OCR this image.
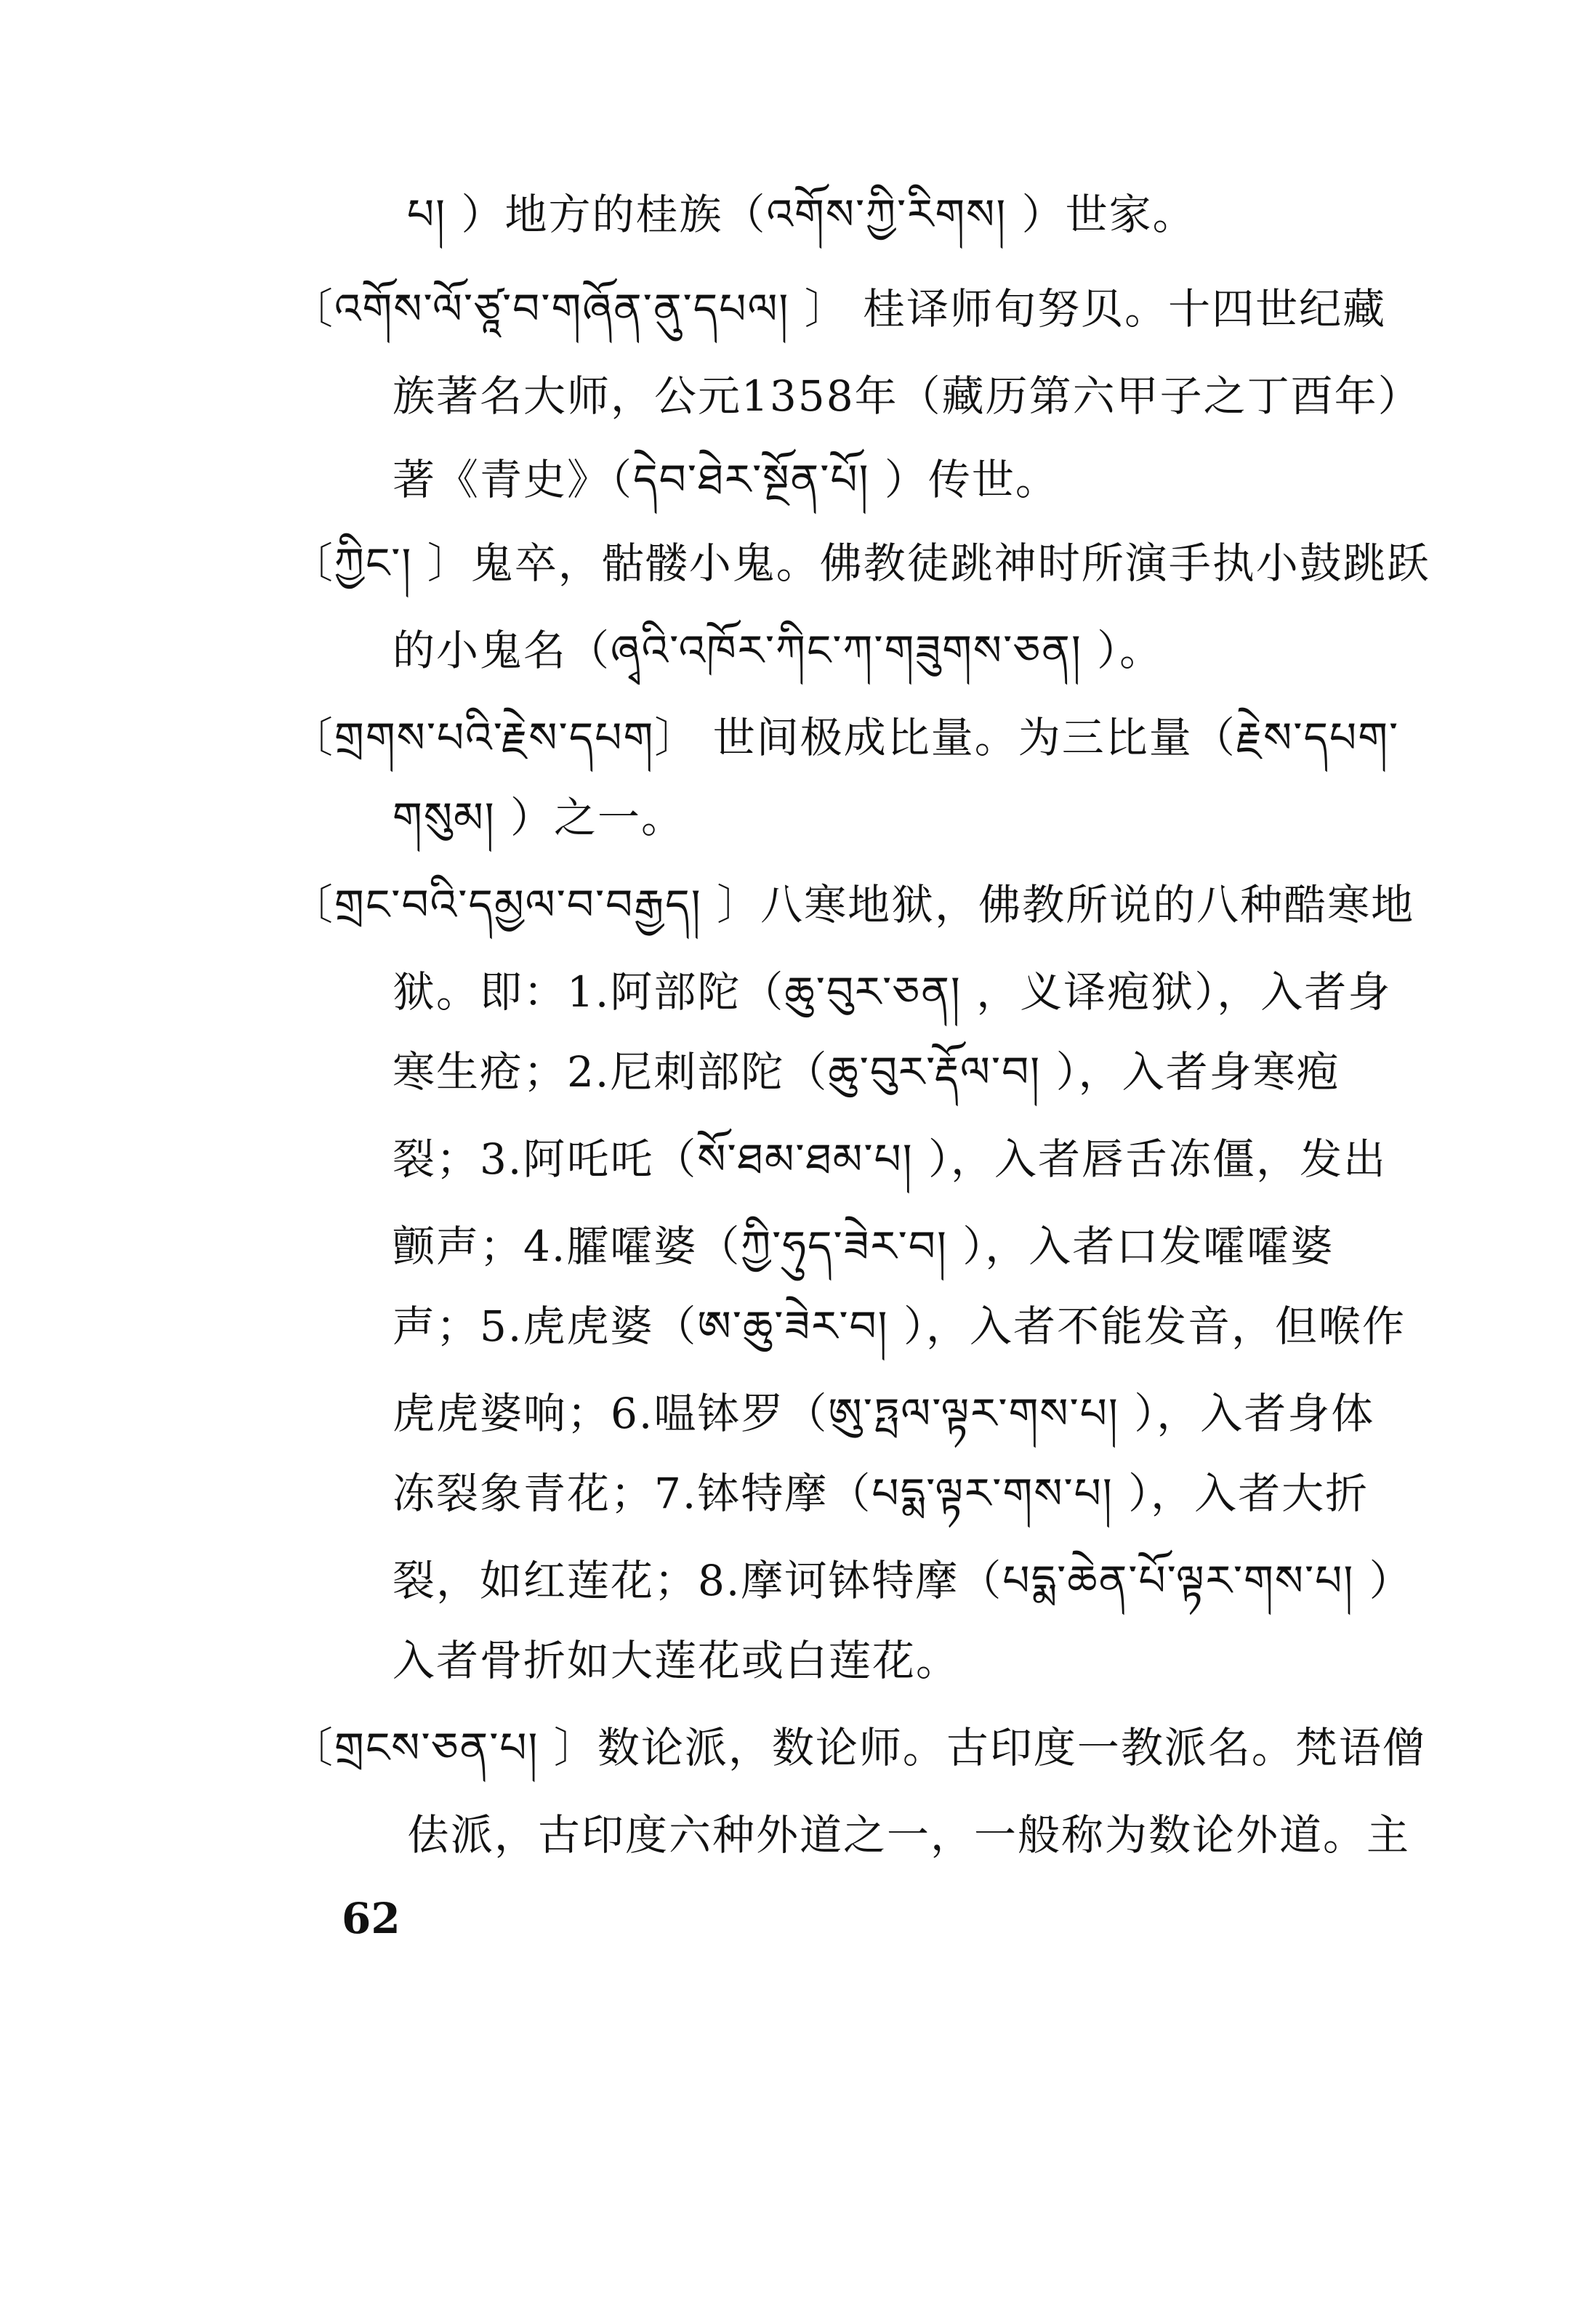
པ། ）地方的桂族（འགོས་ཀྱི་རིགས། ）世家。
〔འགོས་ལོ་ཙཱ་བ་གཞོན་ནུ་དཔལ། 〕 桂译师旬努贝。十四世纪藏
族著名大师，公元1358年（藏历第六甲子之丁酉年）
著《青史》（དེབ་ཐེར་སྔོན་པོ། ）传世。
〔ཀྱིང་། 〕鬼卒，骷髅小鬼。佛教徒跳神时所演手执小鼓跳跃
的小鬼名（ཞྭའི་འཁོར་ཀིང་ཀ་གཟུགས་ཅན། ）。
〔གྲགས་པའི་རྗེས་དཔག〕 世间极成比量。为三比量（རྗེས་དཔག་
གསུམ། ）之一。
〔གྲང་བའི་དམྱལ་བ་བརྒྱད། 〕八寒地狱，佛教所说的八种酷寒地
狱。即：1.阿部陀（ཆུ་བུར་ཅན། ，义译疱狱），入者身
寒生疮；2.尼刺部陀（ཆུ་བུར་རྡོལ་བ། ），入者身寒疱
裂；3.阿吒吒（སོ་ཐམ་ཐམ་པ། ），入者唇舌冻僵，发出
颤声；4.臛嚯婆（ཀྱི་ཧུད་ཟེར་བ། ），入者口发嚯嚯婆
声；5.虎虎婆（ཨ་ཆུ་ཟེར་བ། ），入者不能发音，但喉作
虎虎婆响；6.嗢钵罗（ཨུ་ཏྤལ་ལྟར་གས་པ། ），入者身体
冻裂象青花；7.钵特摩（པདྨ་ལྟར་གས་པ། ），入者大折
裂，如红莲花；8.摩诃钵特摩（པདྨ་ཆེན་པོ་ལྟར་གས་པ། ）
入者骨折如大莲花或白莲花。
〔གྲངས་ཅན་པ། 〕数论派，数论师。古印度一教派名。梵语僧
佉派，古印度六种外道之一，一般称为数论外道。主
62
